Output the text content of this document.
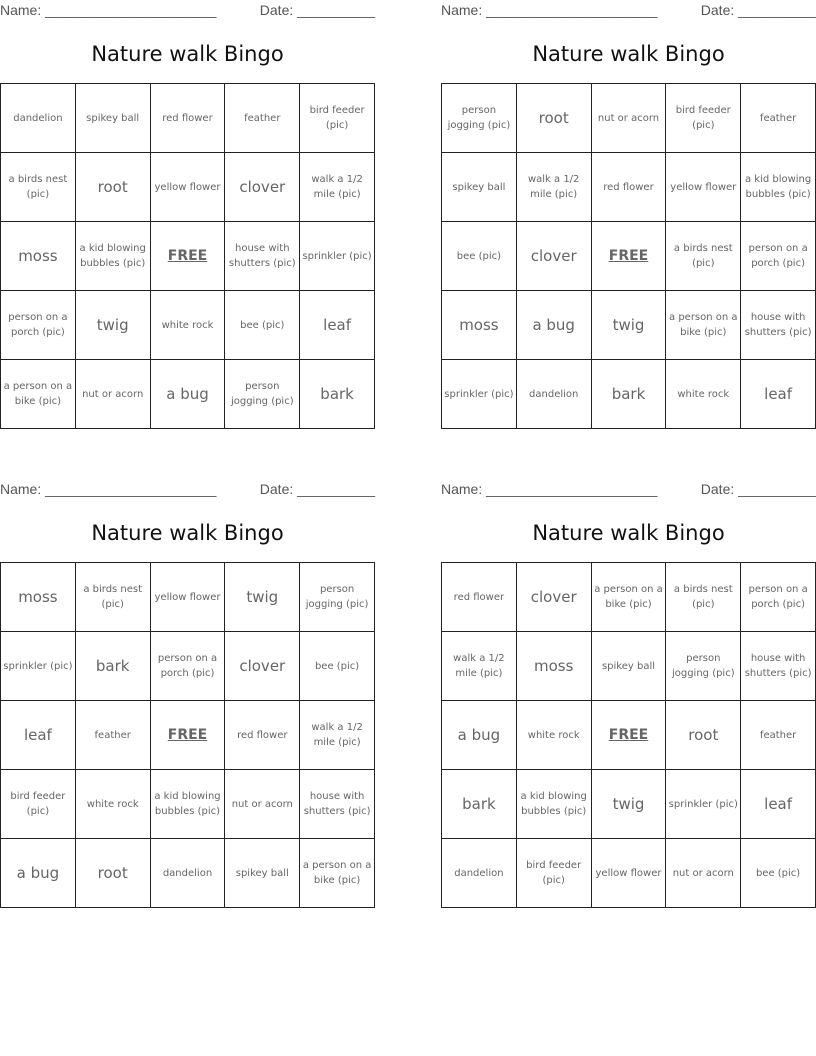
Name: ______________________	Date: __________
Nature walk Bingo
dandelion	spikey ball	red flower	feather	bird feeder (pic)
a birds nest (pic)	root	yellow flower	clover	walk a 1/2 mile (pic)
moss	a kid blowing bubbles (pic)	FREE	house with shutters (pic)	sprinkler (pic)
person on a porch (pic)	twig	white rock	bee (pic)	leaf
a person on a bike (pic)	nut or acorn	a bug	person jogging (pic)	bark
Name: ______________________	Date: __________
Nature walk Bingo
person jogging (pic)	root	nut or acorn	bird feeder (pic)	feather
spikey ball	walk a 1/2 mile (pic)	red flower	yellow flower	a kid blowing bubbles (pic)
bee (pic)	clover	FREE	a birds nest (pic)	person on a porch (pic)
moss	a bug	twig	a person on a bike (pic)	house with shutters (pic)
sprinkler (pic)	dandelion	bark	white rock	leaf
Name: ______________________	Date: __________
Nature walk Bingo
moss	a birds nest (pic)	yellow flower	twig	person jogging (pic)
sprinkler (pic)	bark	person on a porch (pic)	clover	bee (pic)
leaf	feather	FREE	red flower	walk a 1/2 mile (pic)
bird feeder (pic)	white rock	a kid blowing bubbles (pic)	nut or acorn	house with shutters (pic)
a bug	root	dandelion	spikey ball	a person on a bike (pic)
Name: ______________________	Date: __________
Nature walk Bingo
red flower	clover	a person on a bike (pic)	a birds nest (pic)	person on a porch (pic)
walk a 1/2 mile (pic)	moss	spikey ball	person jogging (pic)	house with shutters (pic)
a bug	white rock	FREE	root	feather
bark	a kid blowing bubbles (pic)	twig	sprinkler (pic)	leaf
dandelion	bird feeder (pic)	yellow flower	nut or acorn	bee (pic)
